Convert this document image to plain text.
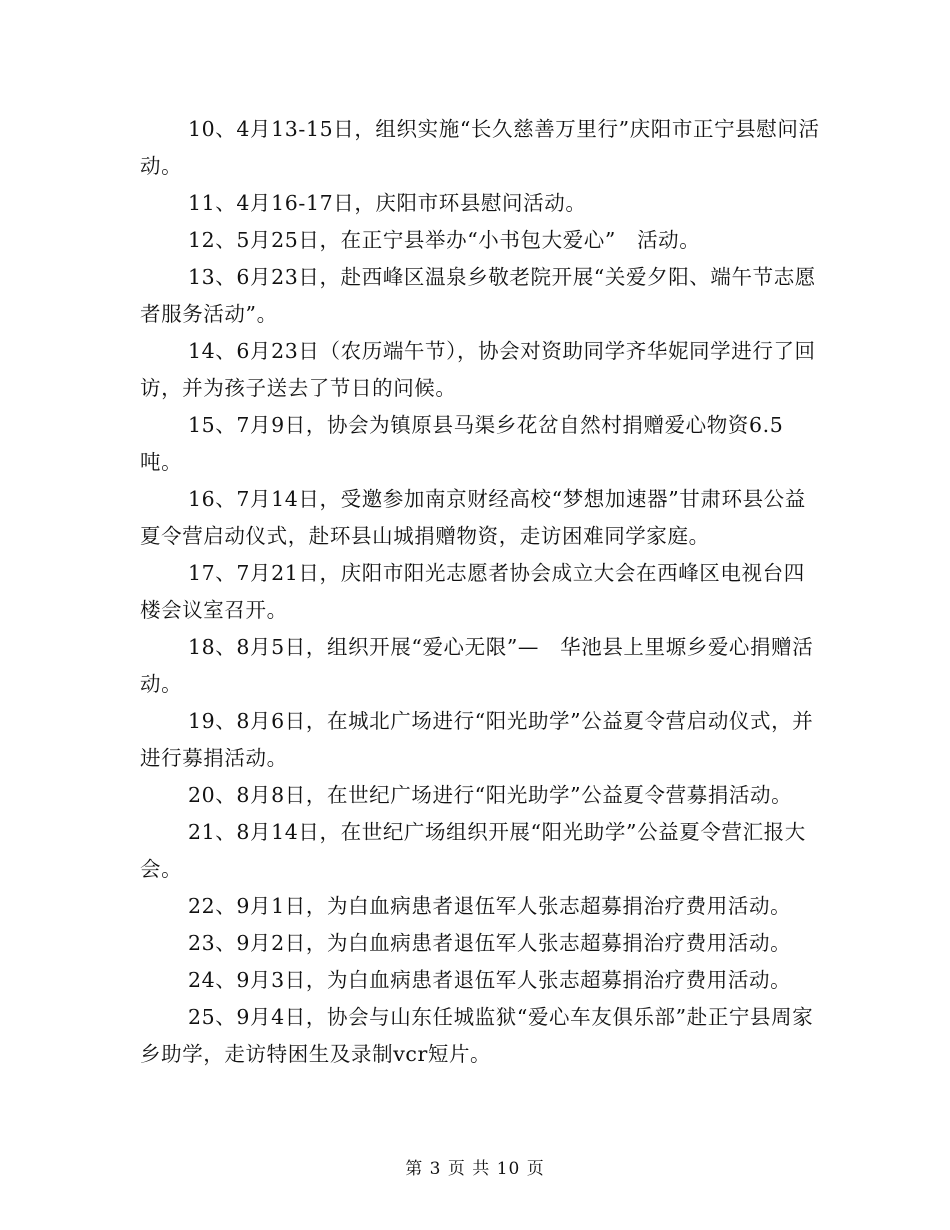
10、4月13-15日，组织实施“长久慈善万里行”庆阳市正宁县慰问活动。

11、4月16-17日，庆阳市环县慰问活动。

12、5月25日，在正宁县举办“小书包大爱心”　活动。

13、6月23日，赴西峰区温泉乡敬老院开展“关爱夕阳、端午节志愿者服务活动”。

14、6月23日（农历端午节），协会对资助同学齐华妮同学进行了回访，并为孩子送去了节日的问候。

15、7月9日，协会为镇原县马渠乡花岔自然村捐赠爱心物资6.5吨。

16、7月14日，受邀参加南京财经高校“梦想加速器”甘肃环县公益夏令营启动仪式，赴环县山城捐赠物资，走访困难同学家庭。

17、7月21日，庆阳市阳光志愿者协会成立大会在西峰区电视台四楼会议室召开。

18、8月5日，组织开展“爱心无限”—　华池县上里塬乡爱心捐赠活动。

19、8月6日，在城北广场进行“阳光助学”公益夏令营启动仪式，并进行募捐活动。

20、8月8日，在世纪广场进行“阳光助学”公益夏令营募捐活动。

21、8月14日，在世纪广场组织开展“阳光助学”公益夏令营汇报大会。

22、9月1日，为白血病患者退伍军人张志超募捐治疗费用活动。

23、9月2日，为白血病患者退伍军人张志超募捐治疗费用活动。

24、9月3日，为白血病患者退伍军人张志超募捐治疗费用活动。

25、9月4日，协会与山东任城监狱“爱心车友俱乐部”赴正宁县周家乡助学，走访特困生及录制vcr短片。

第 3 页 共 10 页
